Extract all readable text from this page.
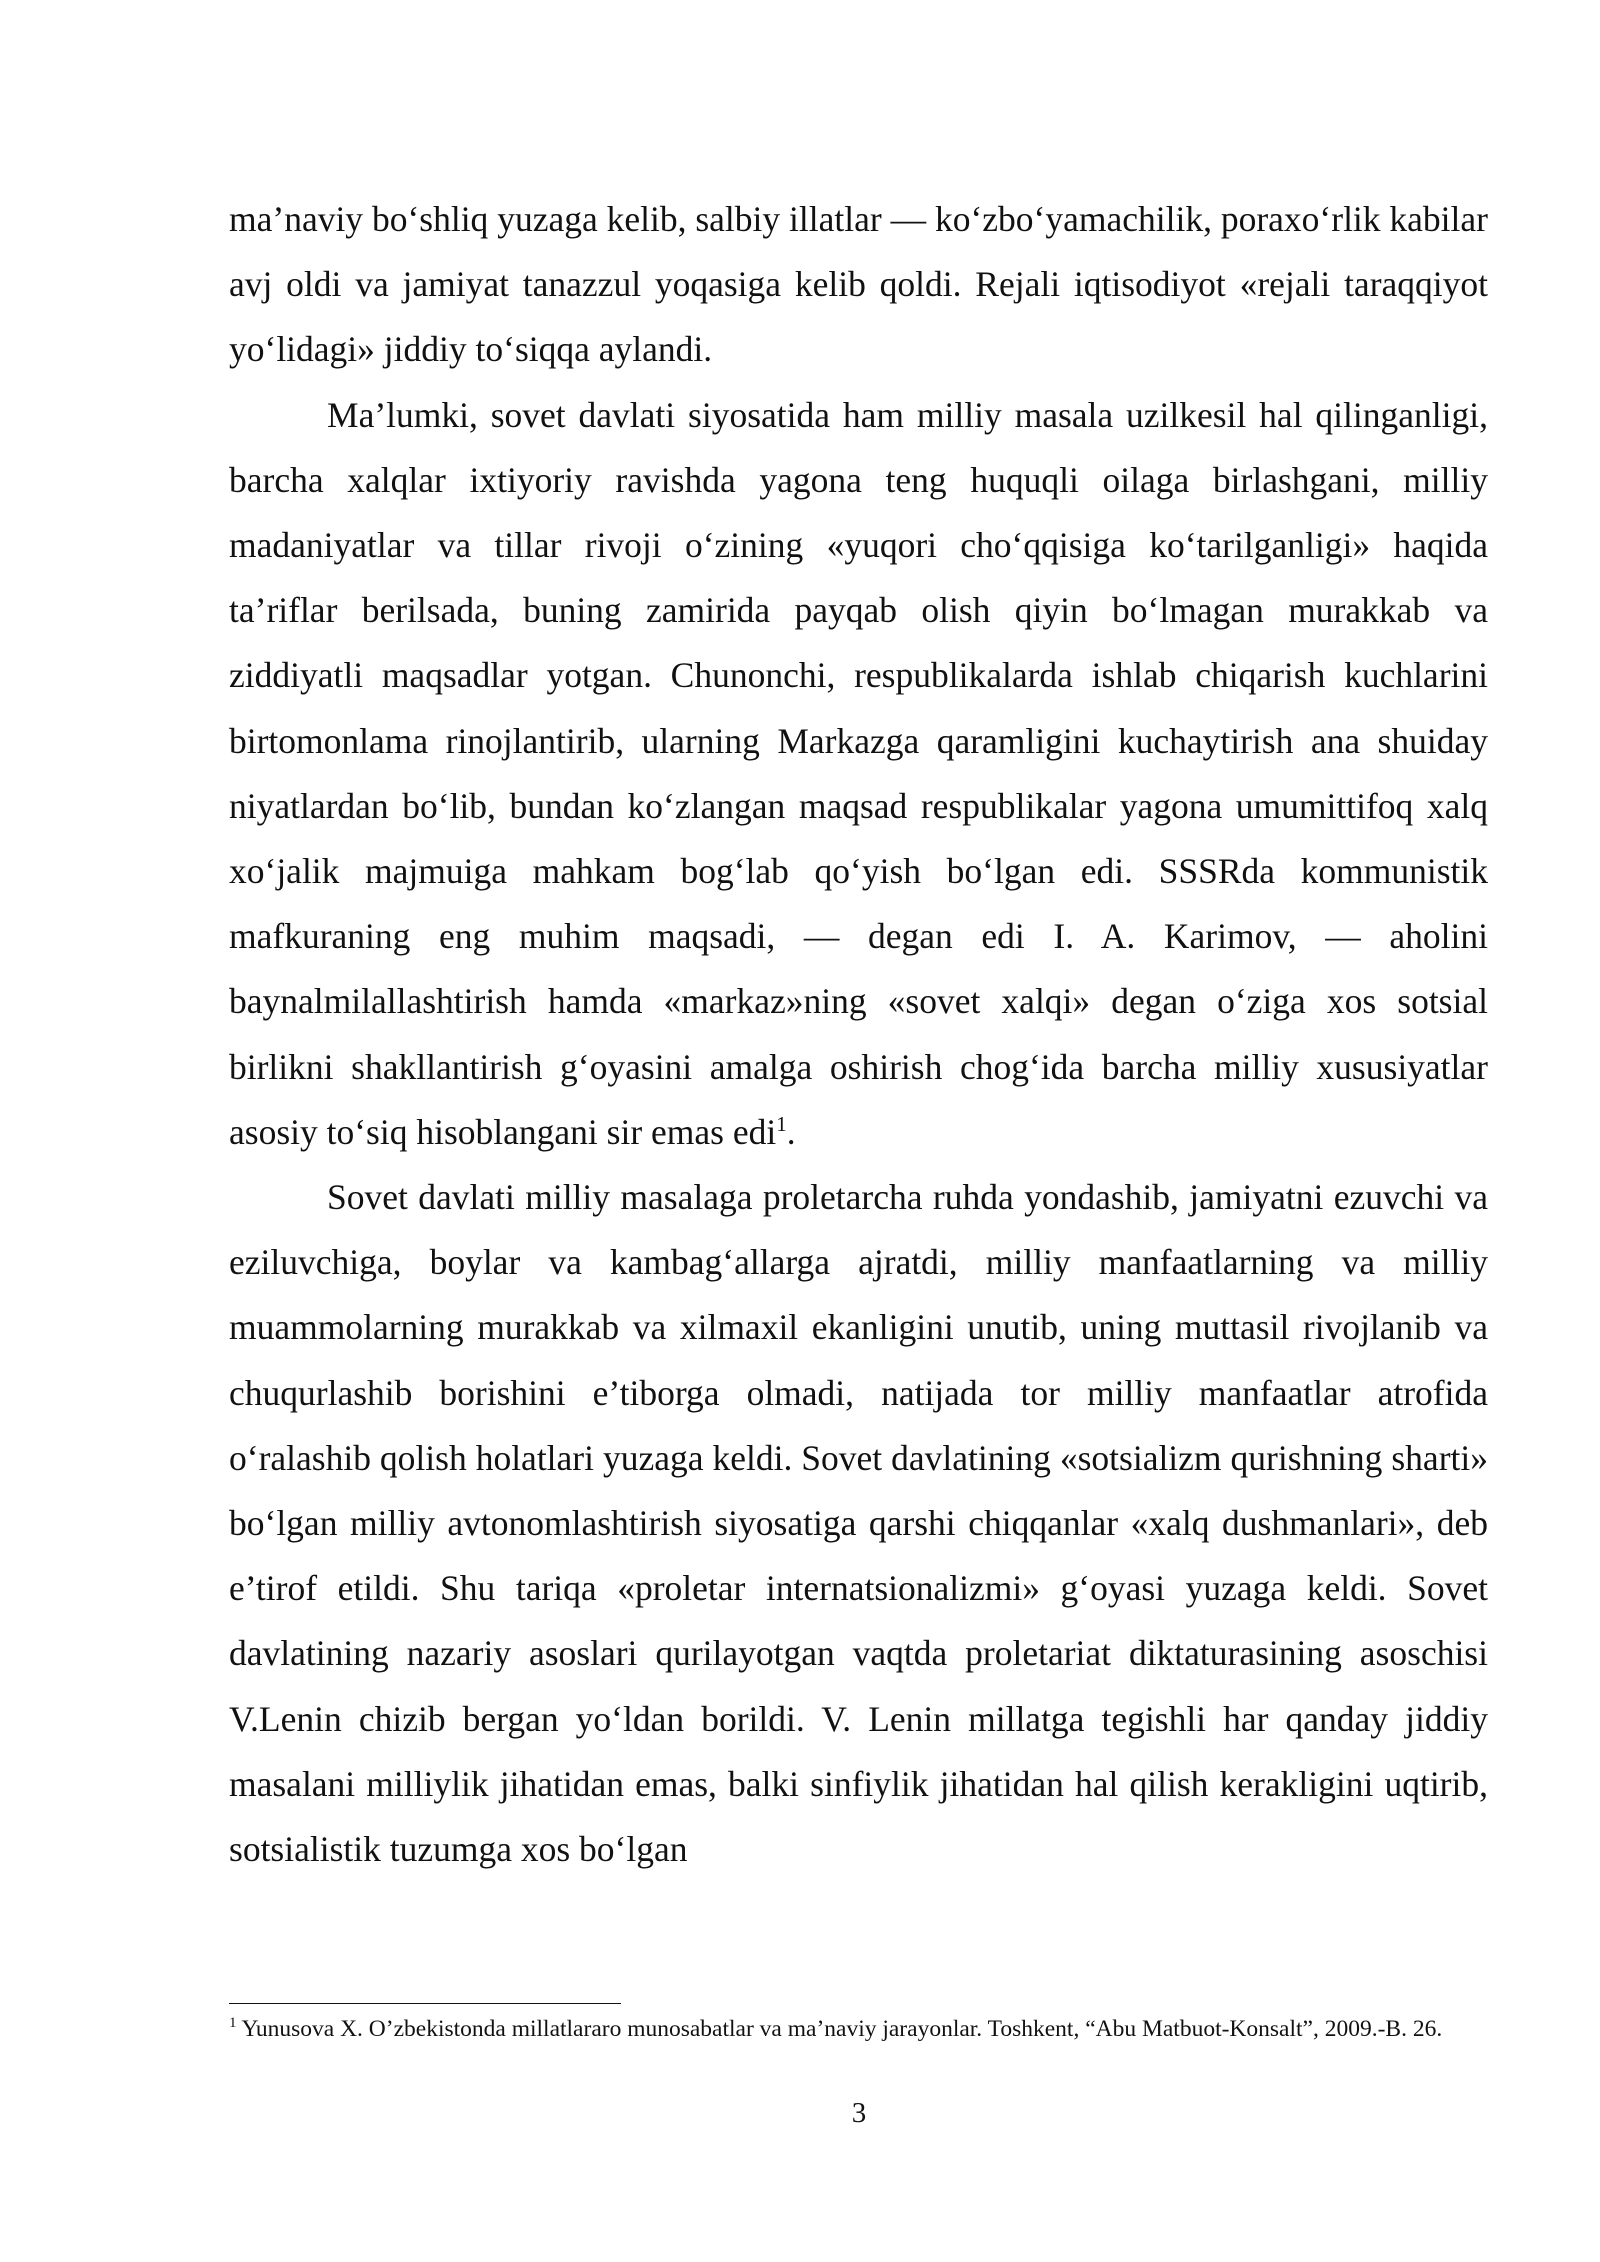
ma’naviy bo‘shliq yuzaga kelib, salbiy illatlar — ko‘zbo‘yamachilik, poraxo‘rlik kabilar avj oldi va jamiyat tanazzul yoqasiga kelib qoldi. Rejali iqtisodiyot «rejali taraqqiyot yo‘lidagi» jiddiy to‘siqqa aylandi.

Ma’lumki, sovet davlati siyosatida ham milliy masala uzilkesil hal qilinganligi, barcha xalqlar ixtiyoriy ravishda yagona teng huquqli oilaga birlashgani, milliy madaniyatlar va tillar rivoji o‘zining «yuqori cho‘qqisiga ko‘tarilganligi» haqida ta’riflar berilsada, buning zamirida payqab olish qiyin bo‘lmagan murakkab va ziddiyatli maqsadlar yotgan. Chunonchi, respublikalarda ishlab chiqarish kuchlarini birtomonlama rinojlantirib, ularning Markazga qaramligini kuchaytirish ana shuiday niyatlardan bo‘lib, bundan ko‘zlangan maqsad respublikalar yagona umumittifoq xalq xo‘jalik majmuiga mahkam bog‘lab qo‘yish bo‘lgan edi. SSSRda kommunistik mafkuraning eng muhim maqsadi, — degan edi I. A. Karimov, — aholini baynalmilallashtirish hamda «markaz»ning «sovet xalqi» degan o‘ziga xos sotsial birlikni shakllantirish g‘oyasini amalga oshirish chog‘ida barcha milliy xususiyatlar asosiy to‘siq hisoblangani sir emas edi$^1$.

Sovet davlati milliy masalaga proletarcha ruhda yondashib, jamiyatni ezuvchi va eziluvchiga, boylar va kambag‘allarga ajratdi, milliy manfaatlarning va milliy muammolarning murakkab va xilmaxil ekanligini unutib, uning muttasil rivojlanib va chuqurlashib borishini e’tiborga olmadi, natijada tor milliy manfaatlar atrofida o‘ralashib qolish holatlari yuzaga keldi. Sovet davlatining «sotsializm qurishning sharti» bo‘lgan milliy avtonomlashtirish siyosatiga qarshi chiqqanlar «xalq dushmanlari», deb e’tirof etildi. Shu tariqa «proletar internatsionalizmi» g‘oyasi yuzaga keldi. Sovet davlatining nazariy asoslari qurilayotgan vaqtda proletariat diktaturasining asoschisi V.Lenin chizib bergan yo‘ldan borildi. V. Lenin millatga tegishli har qanday jiddiy masalani milliylik jihatidan emas, balki sinfiylik jihatidan hal qilish kerakligini uqtirib, sotsialistik tuzumga xos bo‘lgan

$^1$ Yunusova X. O’zbekistonda millatlararo munosabatlar va ma’naviy jarayonlar. Toshkent, “Abu Matbuot-Konsalt”, 2009.-B. 26.
3
